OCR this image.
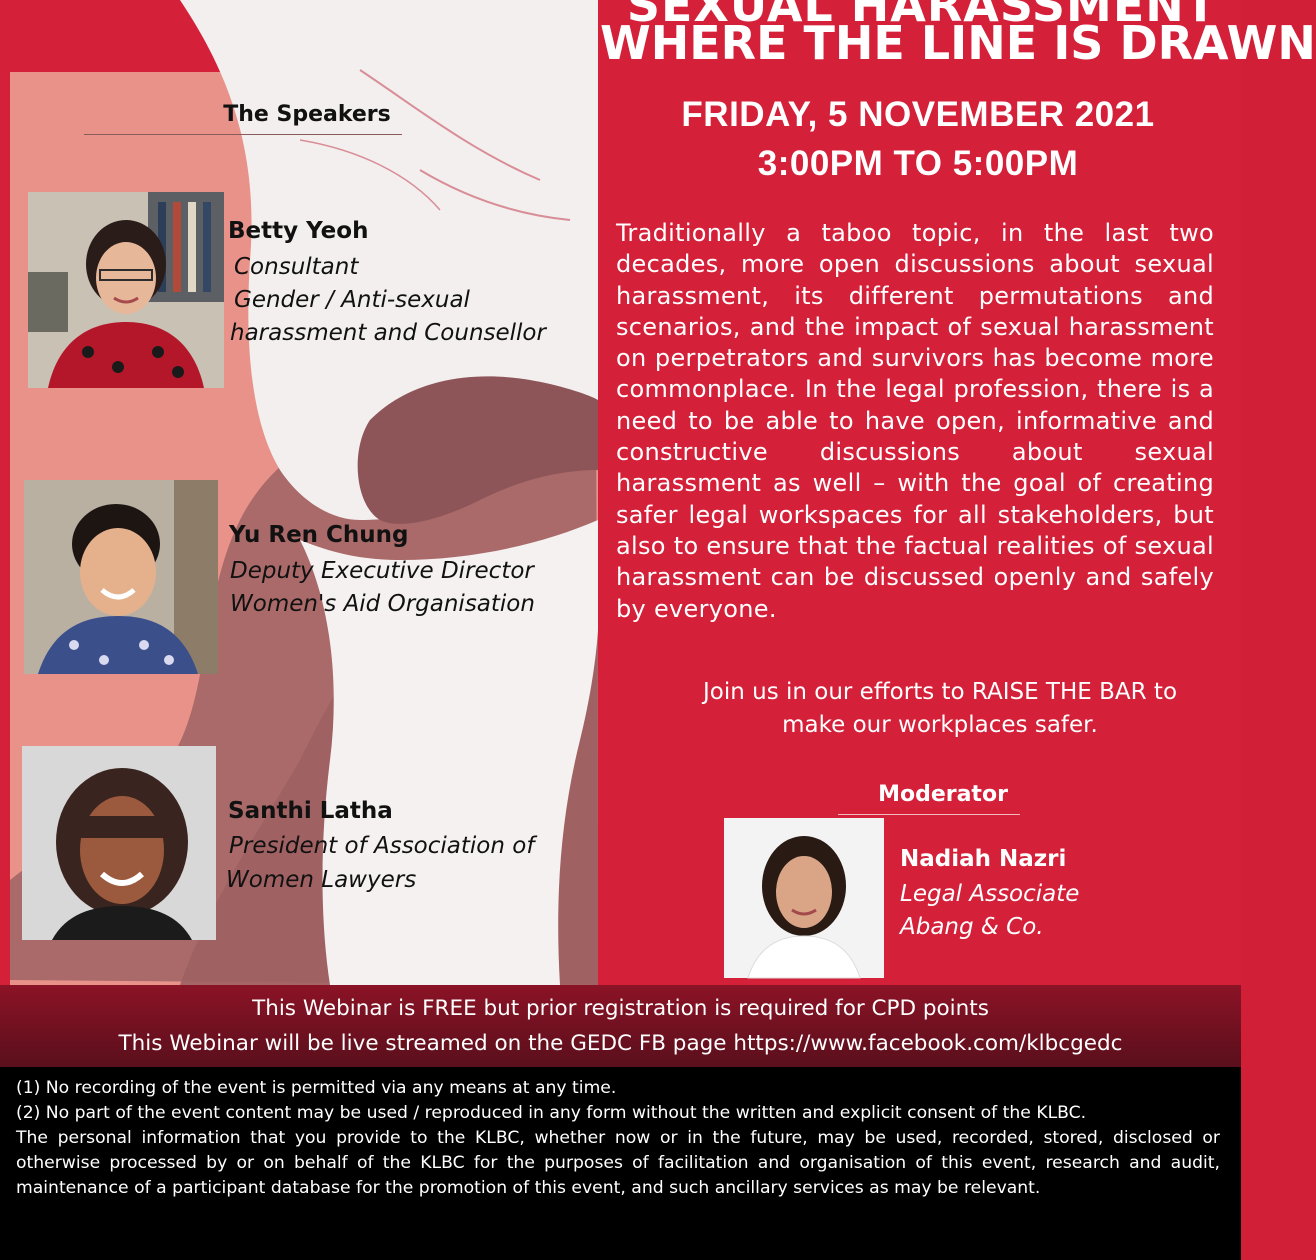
WHERE THE LINE IS DRAWN
FRIDAY, 5 NOVEMBER 2021
3:00PM TO 5:00PM
Traditionally a taboo topic, in the last two decades, more open discussions about sexual harassment, its different permutations and scenarios, and the impact of sexual harassment on perpetrators and survivors has become more commonplace. In the legal profession, there is a need to be able to have open, informative and constructive discussions about sexual harassment as well – with the goal of creating safer legal workspaces for all stakeholders, but also to ensure that the factual realities of sexual harassment can be discussed openly and safely by everyone.
Join us in our efforts to RAISE THE BAR to
make our workplaces safer.
The Speakers
Betty Yeoh
Consultant
Gender / Anti-sexual
harassment and Counsellor
Yu Ren Chung
Deputy Executive Director
Women's Aid Organisation
Santhi Latha
President of Association of
Women Lawyers
Moderator
Nadiah Nazri
Legal Associate
Abang & Co.
This Webinar is FREE but prior registration is required for CPD points
This Webinar will be live streamed on the GEDC FB page https://www.facebook.com/klbcgedc

(1) No recording of the event is permitted via any means at any time.

(2) No part of the event content may be used / reproduced in any form without the written and explicit consent of the KLBC.

The personal information that you provide to the KLBC, whether now or in the future, may be used, recorded, stored, disclosed or otherwise processed by or on behalf of the KLBC for the purposes of facilitation and organisation of this event, research and audit, maintenance of a participant database for the promotion of this event, and such ancillary services as may be relevant.
